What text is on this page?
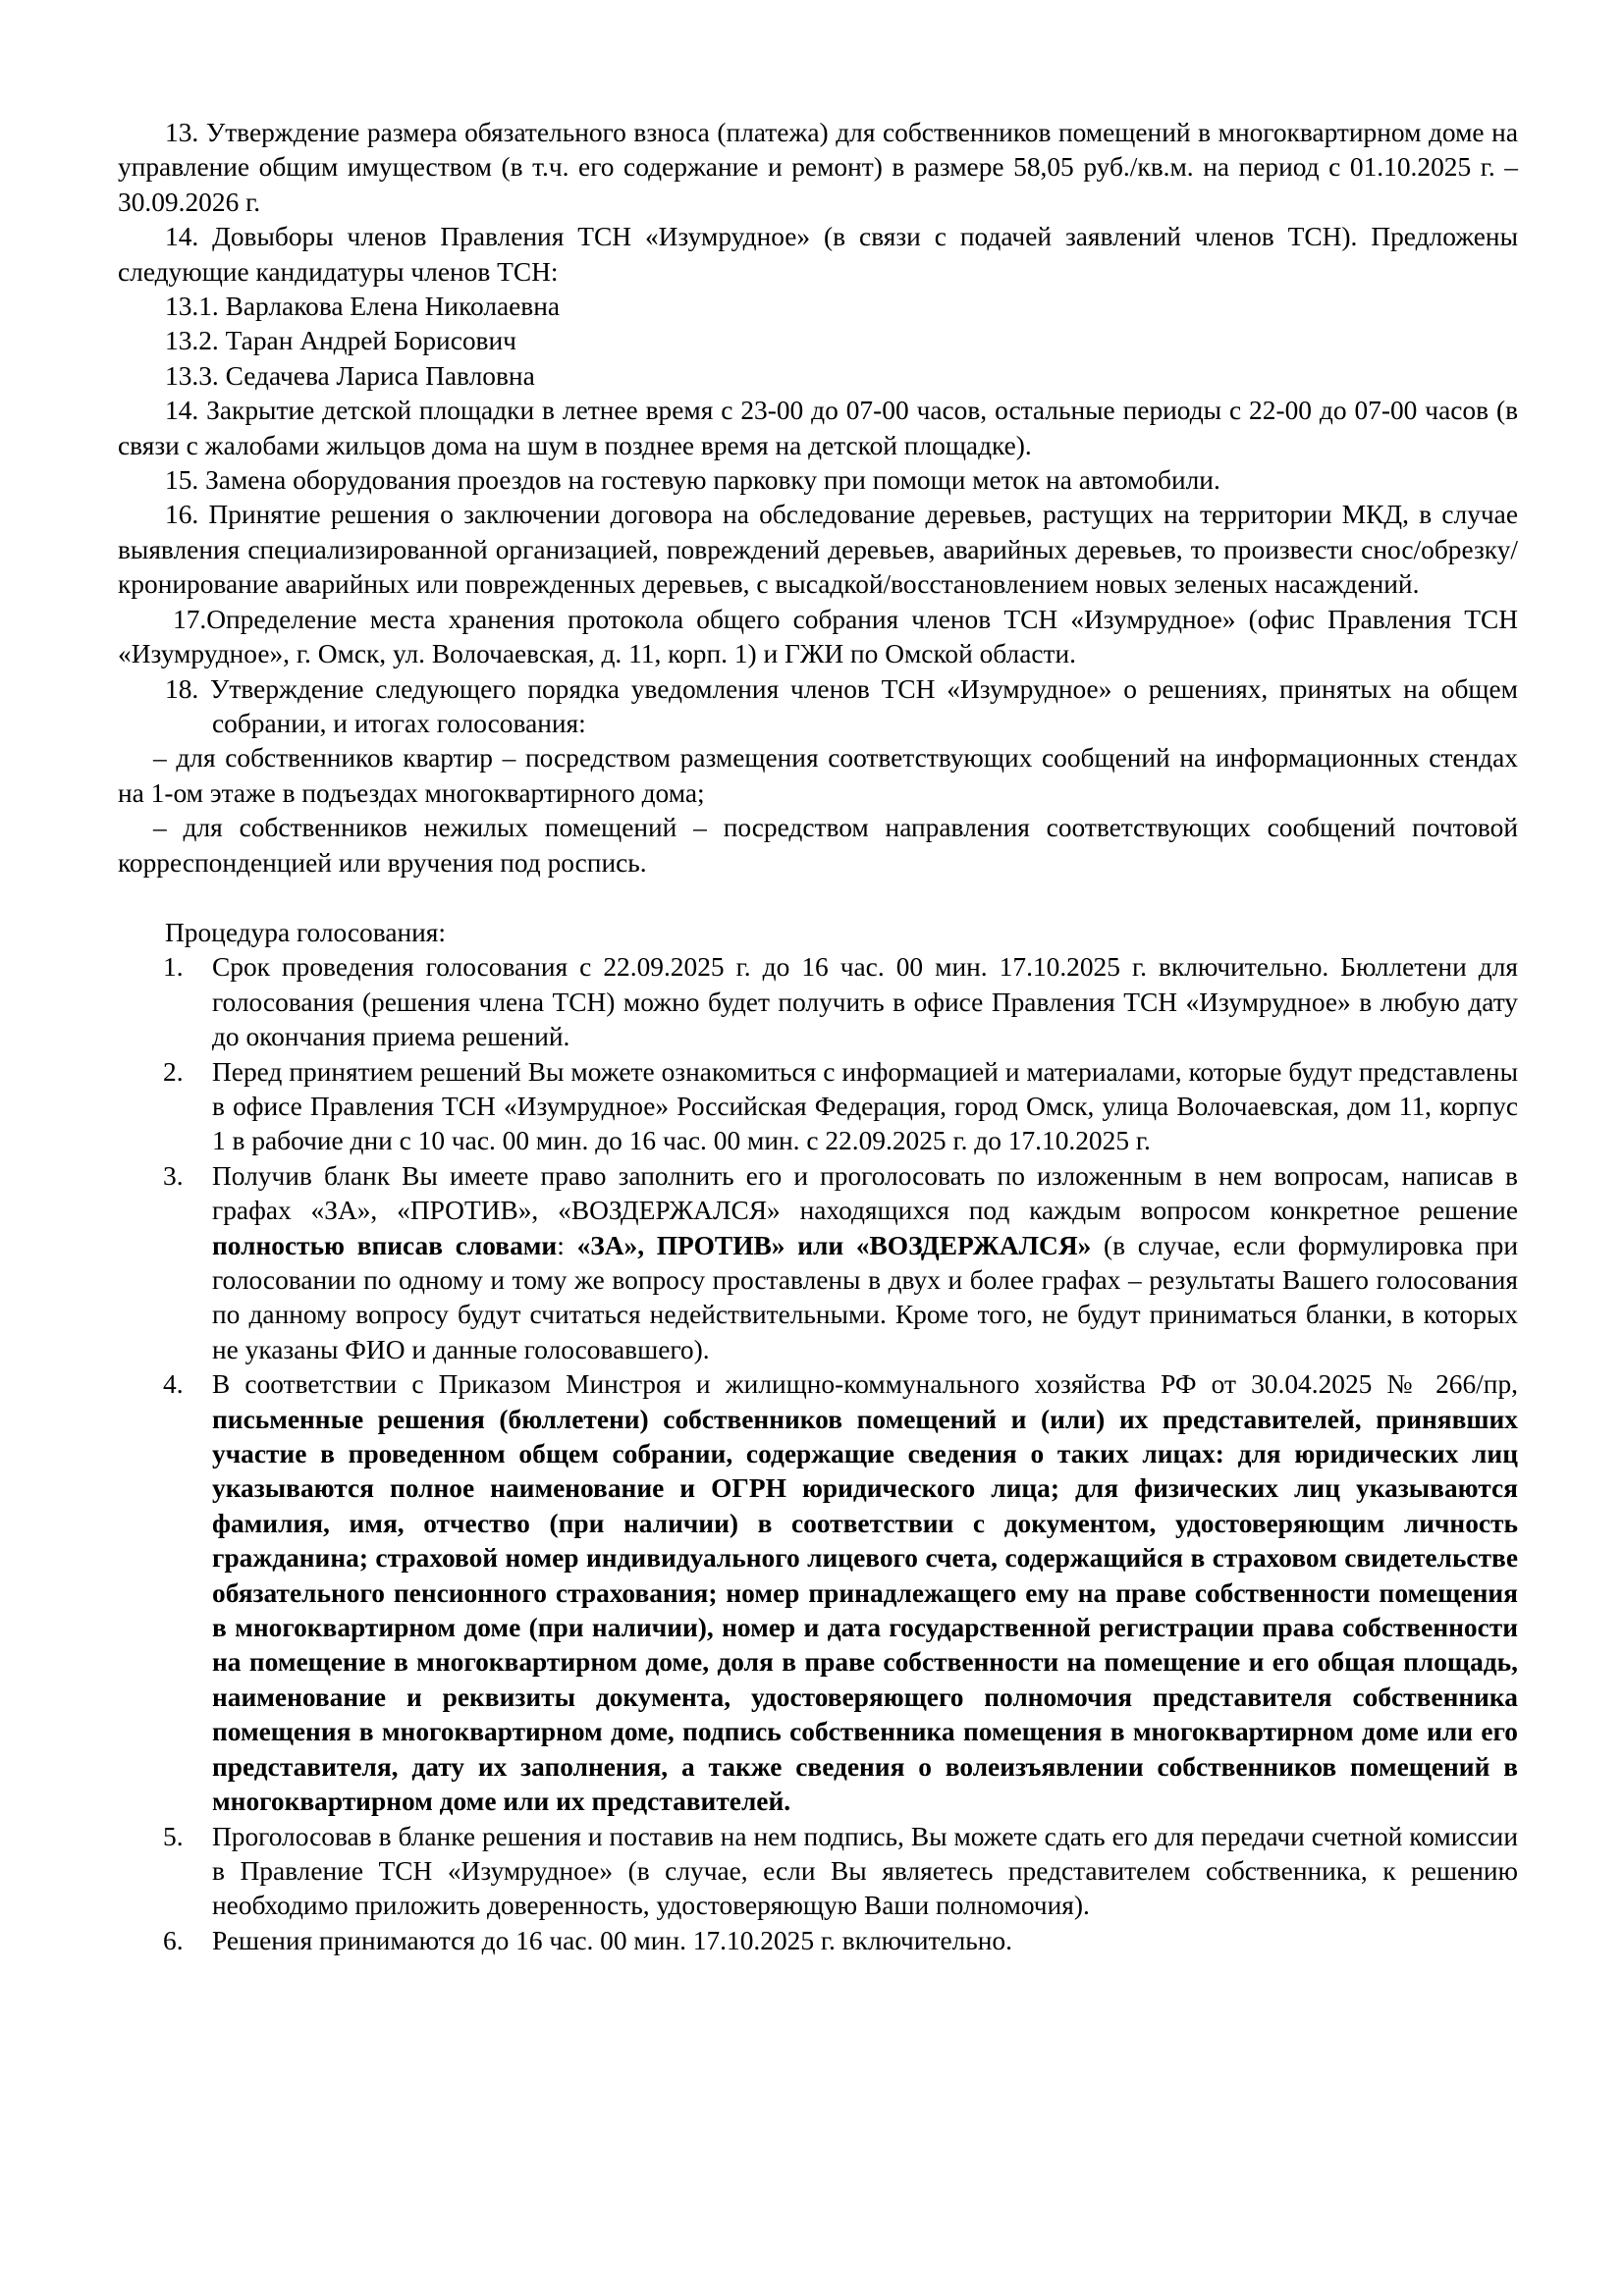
13. Утверждение размера обязательного взноса (платежа) для собственников помещений в многоквартирном доме на управление общим имуществом (в т.ч. его содержание и ремонт) в размере 58,05 руб./кв.м. на период с 01.10.2025 г. – 30.09.2026 г.

14. Довыборы членов Правления ТСН «Изумрудное» (в связи с подачей заявлений членов ТСН). Предложены следующие кандидатуры членов ТСН:

13.1. Варлакова Елена Николаевна

13.2. Таран Андрей Борисович

13.3. Седачева Лариса Павловна

14. Закрытие детской площадки в летнее время с 23-00 до 07-00 часов, остальные периоды с 22-00 до 07-00 часов (в связи с жалобами жильцов дома на шум в позднее время на детской площадке).

15. Замена оборудования проездов на гостевую парковку при помощи меток на автомобили.

16. Принятие решения о заключении договора на обследование деревьев, растущих на территории МКД, в случае выявления специализированной организацией, повреждений деревьев, аварийных деревьев, то произвести снос/обрезку/кронирование аварийных или поврежденных деревьев, с высадкой/восстановлением новых зеленых насаждений.

17.Определение места хранения протокола общего собрания членов ТСН «Изумрудное» (офис Правления ТСН «Изумрудное», г. Омск, ул. Волочаевская, д. 11, корп. 1) и ГЖИ по Омской области.

18. Утверждение следующего порядка уведомления членов ТСН «Изумрудное» о решениях, принятых на общем собрании, и итогах голосования:

– для собственников квартир – посредством размещения соответствующих сообщений на информационных стендах на 1-ом этаже в подъездах многоквартирного дома;

– для собственников нежилых помещений – посредством направления соответствующих сообщений почтовой корреспонденцией или вручения под роспись.

Процедура голосования:

1. Срок проведения голосования с 22.09.2025 г. до 16 час. 00 мин. 17.10.2025 г. включительно. Бюллетени для голосования (решения члена ТСН) можно будет получить в офисе Правления ТСН «Изумрудное» в любую дату до окончания приема решений.
2. Перед принятием решений Вы можете ознакомиться с информацией и материалами, которые будут представлены в офисе Правления ТСН «Изумрудное» Российская Федерация, город Омск, улица Волочаевская, дом 11, корпус 1 в рабочие дни с 10 час. 00 мин. до 16 час. 00 мин. с 22.09.2025 г. до 17.10.2025 г.
3. Получив бланк Вы имеете право заполнить его и проголосовать по изложенным в нем вопросам, написав в графах «ЗА», «ПРОТИВ», «ВОЗДЕРЖАЛСЯ» находящихся под каждым вопросом конкретное решение полностью вписав словами: «ЗА», ПРОТИВ» или «ВОЗДЕРЖАЛСЯ» (в случае, если формулировка при голосовании по одному и тому же вопросу проставлены в двух и более графах – результаты Вашего голосования по данному вопросу будут считаться недействительными. Кроме того, не будут приниматься бланки, в которых не указаны ФИО и данные голосовавшего).
4. В соответствии с Приказом Минстроя и жилищно-коммунального хозяйства РФ от 30.04.2025 № 266/пр, письменные решения (бюллетени) собственников помещений и (или) их представителей, принявших участие в проведенном общем собрании, содержащие сведения о таких лицах: для юридических лиц указываются полное наименование и ОГРН юридического лица; для физических лиц указываются фамилия, имя, отчество (при наличии) в соответствии с документом, удостоверяющим личность гражданина; страховой номер индивидуального лицевого счета, содержащийся в страховом свидетельстве обязательного пенсионного страхования; номер принадлежащего ему на праве собственности помещения в многоквартирном доме (при наличии), номер и дата государственной регистрации права собственности на помещение в многоквартирном доме, доля в праве собственности на помещение и его общая площадь, наименование и реквизиты документа, удостоверяющего полномочия представителя собственника помещения в многоквартирном доме, подпись собственника помещения в многоквартирном доме или его представителя, дату их заполнения, а также сведения о волеизъявлении собственников помещений в многоквартирном доме или их представителей.
5. Проголосовав в бланке решения и поставив на нем подпись, Вы можете сдать его для передачи счетной комиссии в Правление ТСН «Изумрудное» (в случае, если Вы являетесь представителем собственника, к решению необходимо приложить доверенность, удостоверяющую Ваши полномочия).
6. Решения принимаются до 16 час. 00 мин. 17.10.2025 г. включительно.
